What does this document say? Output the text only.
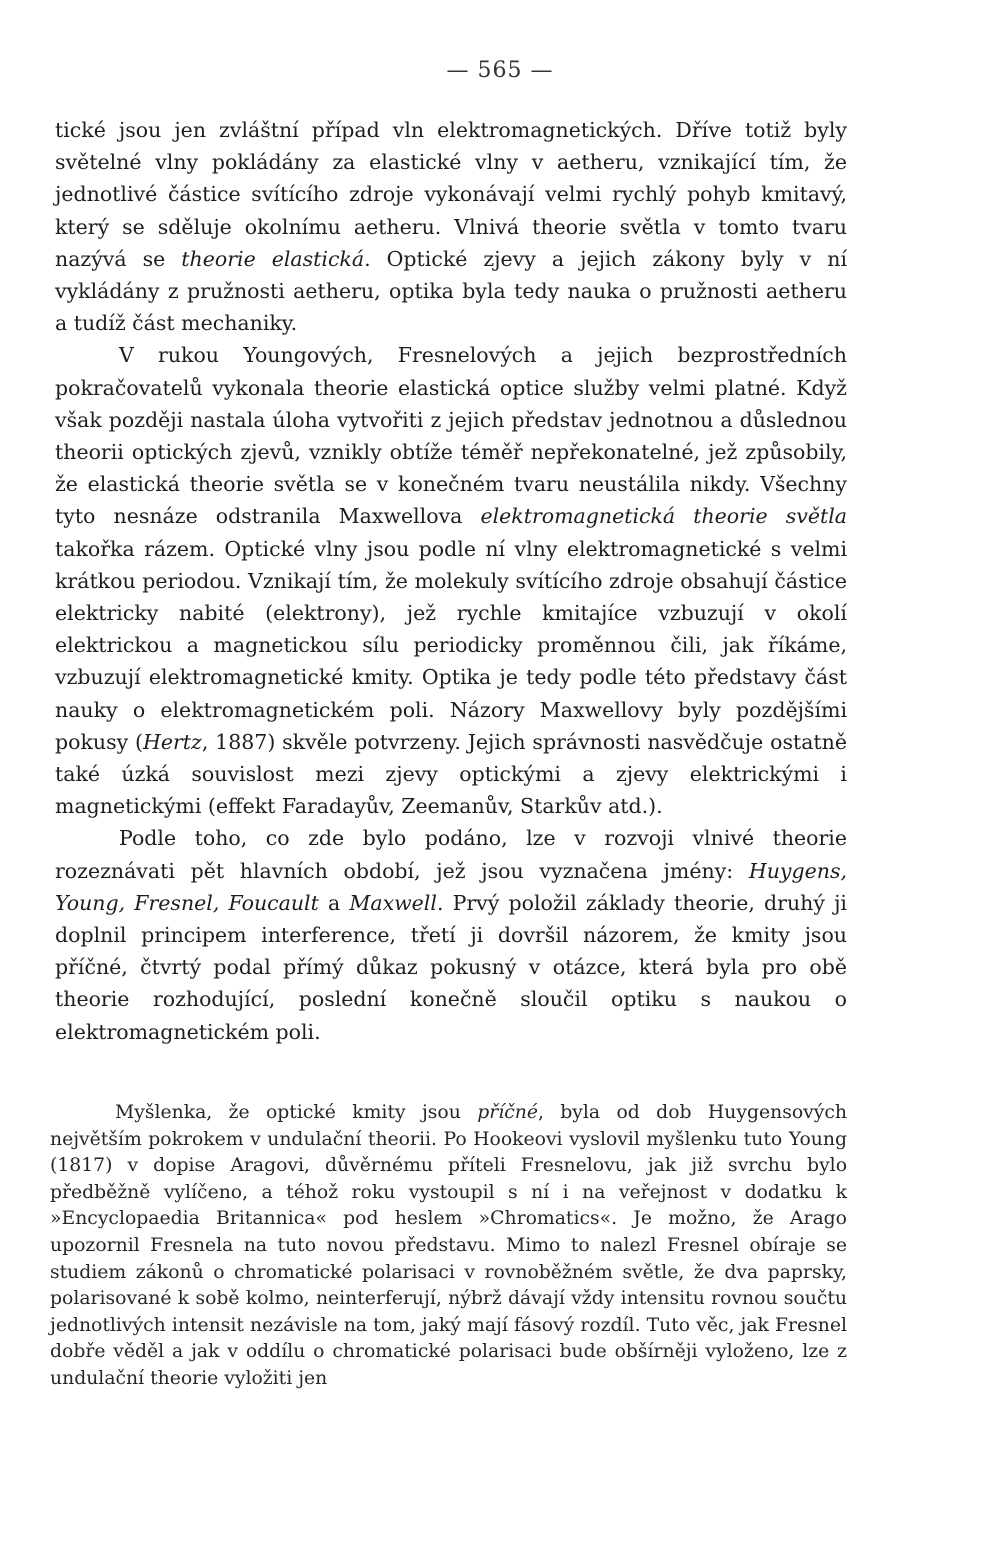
— 565 —

tické jsou jen zvláštní případ vln elektromagnetických. Dříve totiž byly světelné vlny pokládány za elastické vlny v aetheru, vznikající tím, že jednotlivé částice svítícího zdroje vykonávají velmi rychlý pohyb kmitavý, který se sděluje okolnímu aetheru. Vlnivá theorie světla v tomto tvaru nazývá se theorie elastická. Optické zjevy a jejich zákony byly v ní vykládány z pružnosti aetheru, optika byla tedy nauka o pružnosti aetheru a tudíž část mechaniky.

V rukou Youngových, Fresnelových a jejich bezprostředních pokračovatelů vykonala theorie elastická optice služby velmi platné. Když však později nastala úloha vytvořiti z jejich představ jednotnou a důslednou theorii optických zjevů, vznikly obtíže téměř nepřekonatelné, jež způsobily, že elastická theorie světla se v konečném tvaru neustálila nikdy. Všechny tyto nesnáze odstranila Maxwellova elektromagnetická theorie světla takořka rázem. Optické vlny jsou podle ní vlny elektromagnetické s velmi krátkou periodou. Vznikají tím, že molekuly svítícího zdroje obsahují částice elektricky nabité (elektrony), jež rychle kmitajíce vzbuzují v okolí elektrickou a magnetickou sílu periodicky proměnnou čili, jak říkáme, vzbuzují elektromagnetické kmity. Optika je tedy podle této představy část nauky o elektromagnetickém poli. Názory Maxwellovy byly pozdějšími pokusy (Hertz, 1887) skvěle potvrzeny. Jejich správnosti nasvědčuje ostatně také úzká souvislost mezi zjevy optickými a zjevy elektrickými i magnetickými (effekt Faradayův, Zeemanův, Starkův atd.).

Podle toho, co zde bylo podáno, lze v rozvoji vlnivé theorie rozeznávati pět hlavních období, jež jsou vyznačena jmény: Huygens, Young, Fresnel, Foucault a Maxwell. Prvý položil základy theorie, druhý ji doplnil principem interference, třetí ji dovršil názorem, že kmity jsou příčné, čtvrtý podal přímý důkaz pokusný v otázce, která byla pro obě theorie rozhodující, poslední konečně sloučil optiku s naukou o elektromagnetickém poli.

Myšlenka, že optické kmity jsou příčné, byla od dob Huygensových největším pokrokem v undulační theorii. Po Hookeovi vyslovil myšlenku tuto Young (1817) v dopise Aragovi, důvěrnému příteli Fresnelovu, jak již svrchu bylo předběžně vylíčeno, a téhož roku vystoupil s ní i na veřejnost v dodatku k »Encyclopaedia Britannica« pod heslem »Chromatics«. Je možno, že Arago upozornil Fresnela na tuto novou představu. Mimo to nalezl Fresnel obíraje se studiem zákonů o chromatické polarisaci v rovnoběžném světle, že dva paprsky, polarisované k sobě kolmo, neinterferují, nýbrž dávají vždy intensitu rovnou součtu jednotlivých intensit nezávisle na tom, jaký mají fásový rozdíl. Tuto věc, jak Fresnel dobře věděl a jak v oddílu o chromatické polarisaci bude obšírněji vyloženo, lze z undulační theorie vyložiti jen
